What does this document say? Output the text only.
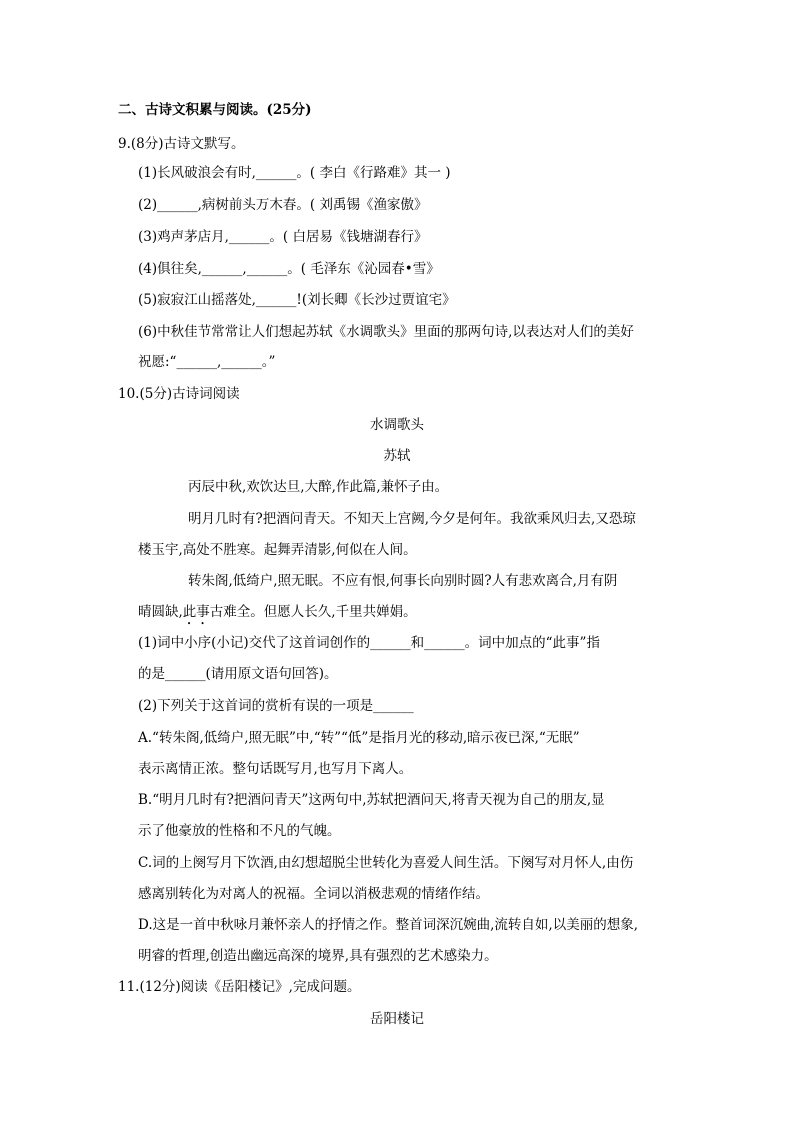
二、古诗文积累与阅读。(25分)
9.(8分)古诗文默写。
(1)长风破浪会有时,______。( 李白《行路难》其一 )
(2)______,病树前头万木春。( 刘禹锡《渔家傲》
(3)鸡声茅店月,______。( 白居易《钱塘湖春行》
(4)俱往矣,______,______。( 毛泽东《沁园春•雪》
(5)寂寂江山摇落处,______!(刘长卿《长沙过贾谊宅》
(6)中秋佳节常常让人们想起苏轼《水调歌头》里面的那两句诗,以表达对人们的美好
祝愿:“______,______。”
10.(5分)古诗词阅读
水调歌头
苏轼
丙辰中秋,欢饮达旦,大醉,作此篇,兼怀子由。
明月几时有?把酒问青天。不知天上宫阙,今夕是何年。我欲乘风归去,又恐琼
楼玉宇,高处不胜寒。起舞弄清影,何似在人间。
转朱阁,低绮户,照无眠。不应有恨,何事长向别时圆?人有悲欢离合,月有阴
晴圆缺,此事古难全。但愿人长久,千里共婵娟。
(1)词中小序(小记)交代了这首词创作的______和______。词中加点的“此事”指
的是______(请用原文语句回答)。
(2)下列关于这首词的赏析有误的一项是______
A.“转朱阁,低绮户,照无眠”中,“转”“低”是指月光的移动,暗示夜已深,“无眠”
表示离情正浓。整句话既写月,也写月下离人。
B.“明月几时有?把酒问青天”这两句中,苏轼把酒问天,将青天视为自己的朋友,显
示了他豪放的性格和不凡的气魄。
C.词的上阕写月下饮酒,由幻想超脱尘世转化为喜爱人间生活。下阕写对月怀人,由伤
感离别转化为对离人的祝福。全词以消极悲观的情绪作结。
D.这是一首中秋咏月兼怀亲人的抒情之作。整首词深沉婉曲,流转自如,以美丽的想象,
明睿的哲理,创造出幽远高深的境界,具有强烈的艺术感染力。
11.(12分)阅读《岳阳楼记》,完成问题。
岳阳楼记
